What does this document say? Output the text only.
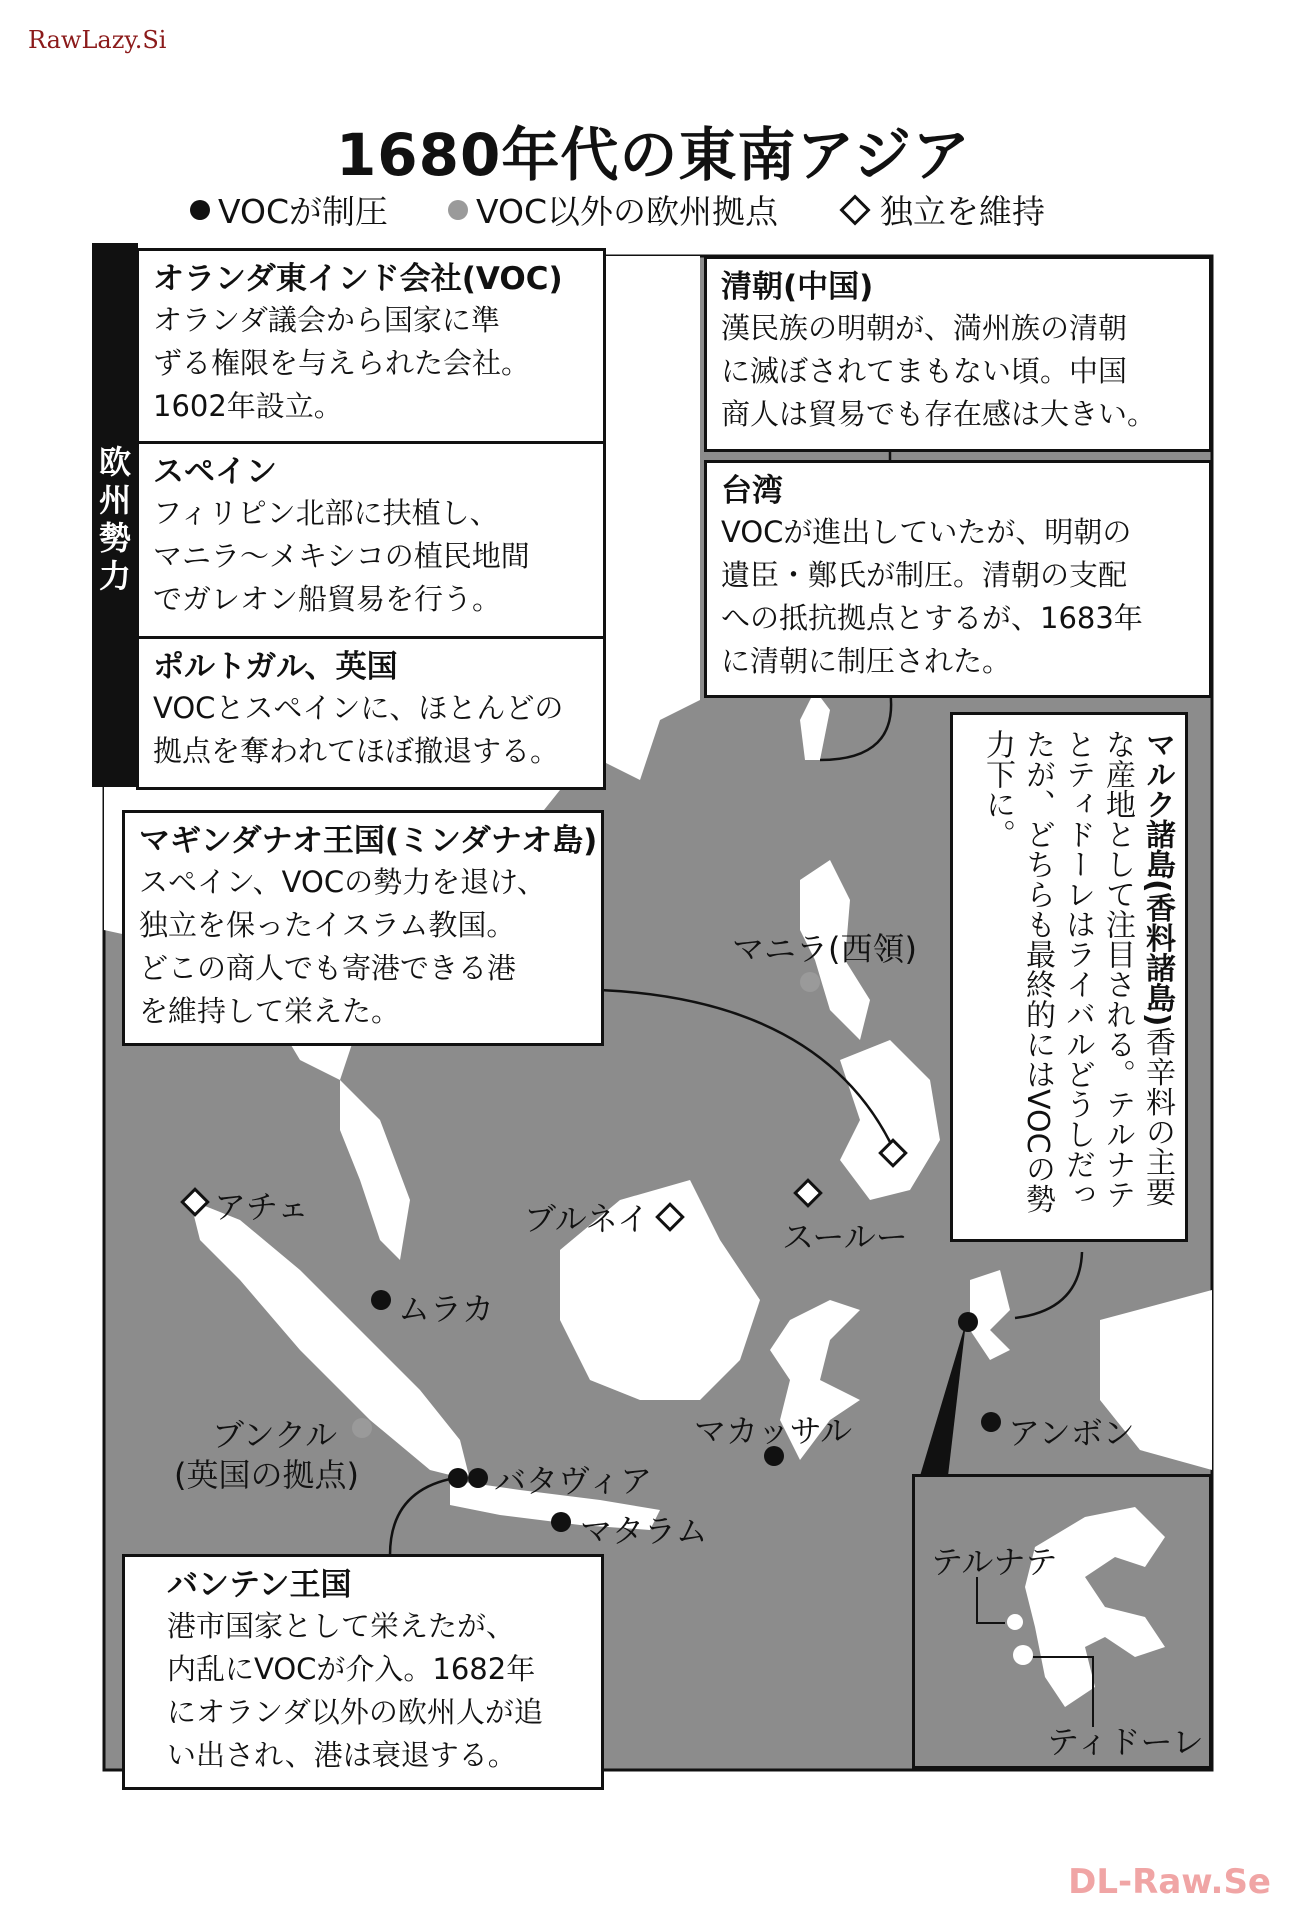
RawLazy.Si
DL-Raw.Se
1680年代の東南アジア
VOCが制圧	VOC以外の欧州拠点	独立を維持
マニラ(西領)
アチェ	ブルネイ	スールー
ムラカ
ブンクル
(英国の拠点)	バタヴィア
マカッサル
マタラム
アンボン
欧
州
勢
力
オランダ東インド会社(VOC)
オランダ議会から国家に準
ずる権限を与えられた会社。
1602年設立。
スペイン
フィリピン北部に扶植し、
マニラ〜メキシコの植民地間
でガレオン船貿易を行う。
ポルトガル、英国
VOCとスペインに、ほとんどの
拠点を奪われてほぼ撤退する。
清朝(中国)
漢民族の明朝が、満州族の清朝
に滅ぼされてまもない頃。中国
商人は貿易でも存在感は大きい。
台湾
VOCが進出していたが、明朝の
遺臣・鄭氏が制圧。清朝の支配
への抵抗拠点とするが、1683年
に清朝に制圧された。
マギンダナオ王国(ミンダナオ島)
スペイン、VOCの勢力を退け、
独立を保ったイスラム教国。
どこの商人でも寄港できる港
を維持して栄えた。
バンテン王国
港市国家として栄えたが、
内乱にVOCが介入。1682年
にオランダ以外の欧州人が追
い出され、港は衰退する。
マルク諸島(香料諸島)香辛料の主要な産地として注目される。テルナテとティドーレはライバルどうしだったが、どちらも最終的にはVOCの勢力下に。
テルナテ
ティドーレ
